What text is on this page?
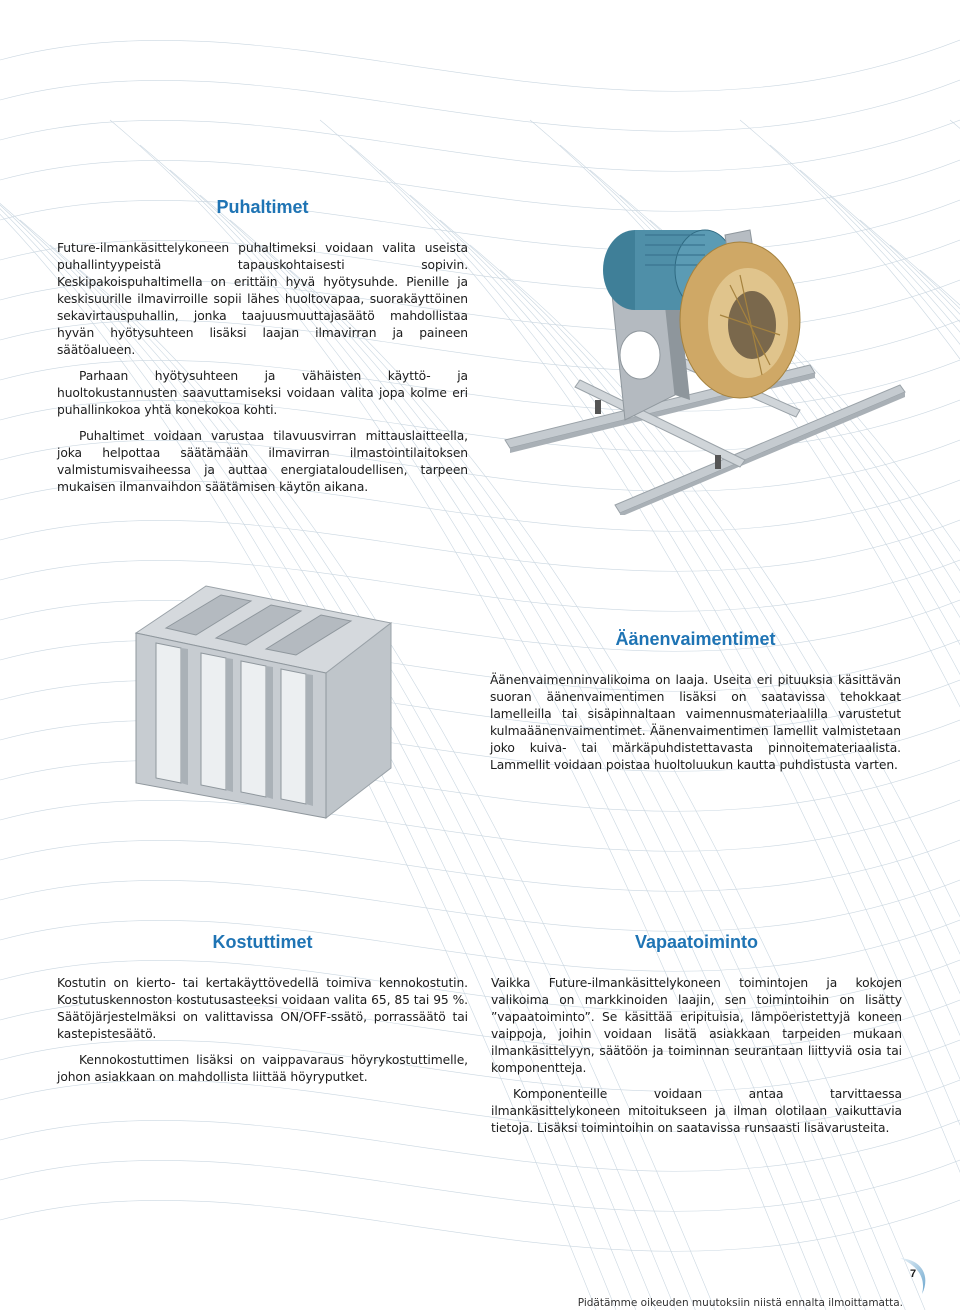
Puhaltimet

Future-ilmankäsittelykoneen puhaltimeksi voidaan valita useista puhallintyypeistä tapauskohtaisesti sopivin. Keskipakoispuhaltimella on erittäin hyvä hyötysuhde. Pienille ja keskisuurille ilmavirroille sopii lähes huoltovapaa, suorakäyttöinen sekavirtauspuhallin, jonka taajuusmuuttajasäätö mahdollistaa hyvän hyötysuhteen lisäksi laajan ilmavirran ja paineen säätöalueen.

Parhaan hyötysuhteen ja vähäisten käyttö- ja huoltokustannusten saavuttamiseksi voidaan valita jopa kolme eri puhallinkokoa yhtä konekokoa kohti.

Puhaltimet voidaan varustaa tilavuusvirran mittauslaitteella, joka helpottaa säätämään ilmavirran ilmastointilaitoksen valmistumisvaiheessa ja auttaa energiataloudellisen, tarpeen mukaisen ilmanvaihdon säätämisen käytön aikana.

Äänenvaimentimet

Äänenvaimenninvalikoima on laaja. Useita eri pituuksia käsittävän suoran äänenvaimentimen lisäksi on saatavissa tehokkaat lamelleilla tai sisäpinnaltaan vaimennusmateriaalilla varustetut kulmaäänenvaimentimet. Äänenvaimentimen lamellit valmistetaan joko kuiva- tai märkäpuhdistettavasta pinnoitemateriaalista. Lammellit voidaan poistaa huoltoluukun kautta puhdistusta varten.

Kostuttimet

Kostutin on kierto- tai kertakäyttövedellä toimiva kennokostutin. Kostutuskennoston kostutusasteeksi voidaan valita 65, 85 tai 95 %. Säätöjärjestelmäksi on valittavissa ON/OFF-ssätö, porrassäätö tai kastepistesäätö.

Kennokostuttimen lisäksi on vaippavaraus höyrykostuttimelle, johon asiakkaan on mahdollista liittää höyryputket.

Vapaatoiminto

Vaikka Future-ilmankäsittelykoneen toimintojen ja kokojen valikoima on markkinoiden laajin, sen toimintoihin on lisätty ”vapaatoiminto”. Se käsittää eripituisia, lämpöeristettyjä koneen vaippoja, joihin voidaan lisätä asiakkaan tarpeiden mukaan ilmankäsittelyyn, säätöön ja toiminnan seurantaan liittyviä osia tai komponentteja.

Komponenteille voidaan antaa tarvittaessa ilmankäsittelykoneen mitoitukseen ja ilman olotilaan vaikuttavia tietoja. Lisäksi toimintoihin on saatavissa runsaasti lisävarusteita.

7
Pidätämme oikeuden muutoksiin niistä ennalta ilmoittamatta.
